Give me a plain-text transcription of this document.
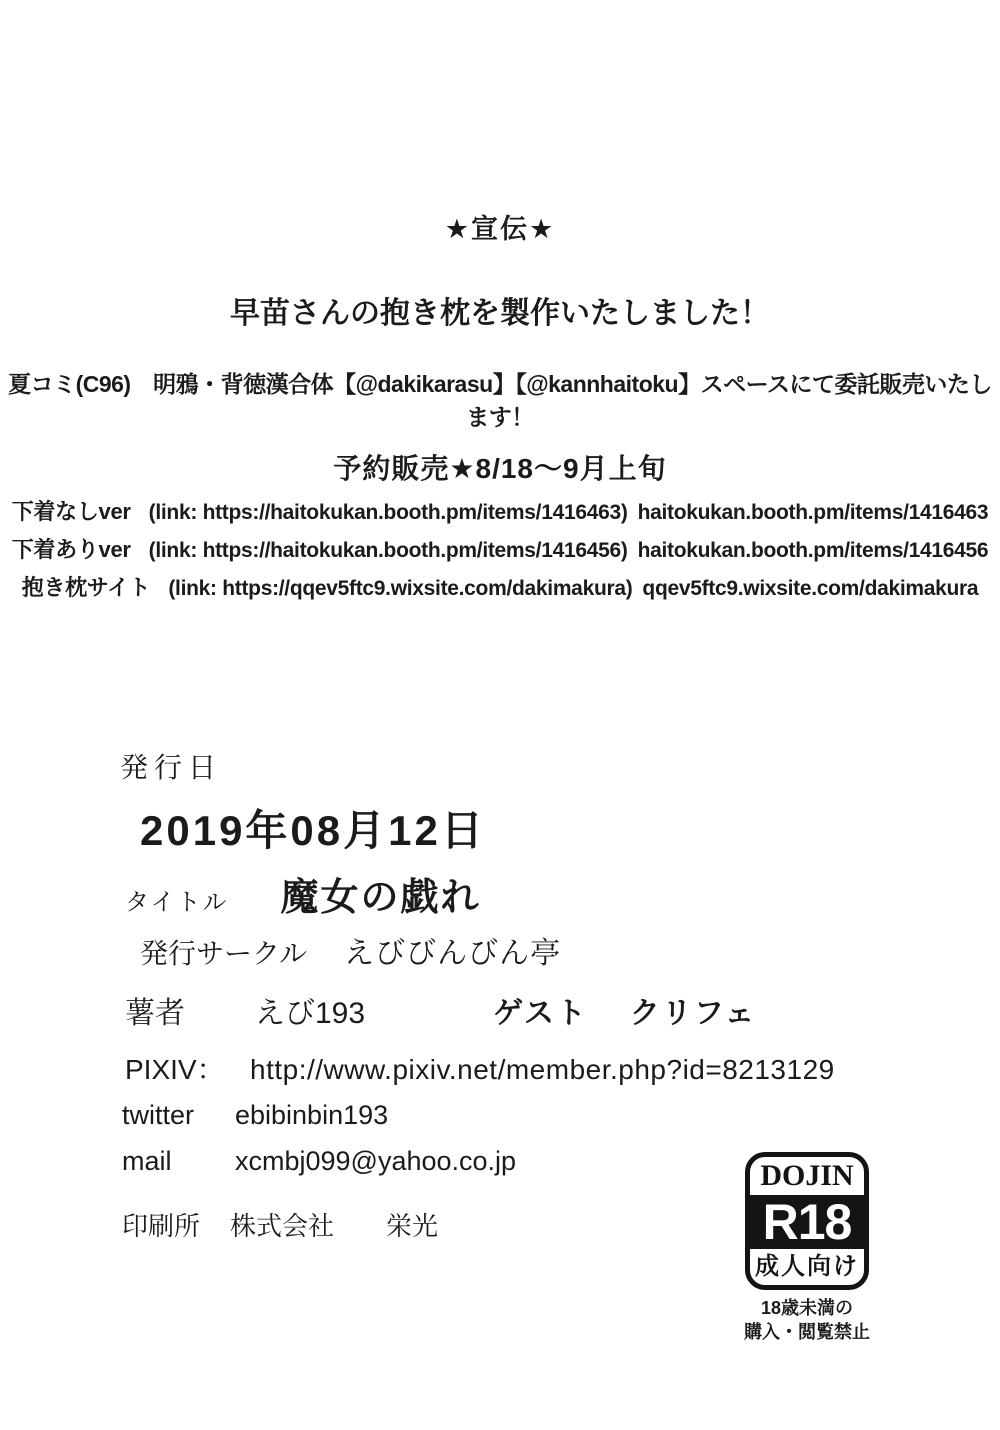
★宣伝★
早苗さんの抱き枕を製作いたしました！
夏コミ(C96)　明鴉・背徳漢合体【@dakikarasu】【@kannhaitoku】スペースにて委託販売いたします！
予約販売★8/18～9月上旬
下着なしver (link: https://haitokukan.booth.pm/items/1416463) haitokukan.booth.pm/items/1416463
下着ありver (link: https://haitokukan.booth.pm/items/1416456) haitokukan.booth.pm/items/1416456
抱き枕サイト (link: https://qqev5ftc9.wixsite.com/dakimakura) qqev5ftc9.wixsite.com/dakimakura
発行日
2019年08月12日
タイトル 魔女の戯れ
発行サークル えびびんびん亭
薯者 えび193	ゲスト クリフェ
PIXIV： http://www.pixiv.net/member.php?id=8213129
twitter	ebibinbin193
mail	xcmbj099@yahoo.co.jp
印刷所 株式会社 栄光
DOJIN
R18
成人向け
18歳未満の
購入・閲覧禁止
